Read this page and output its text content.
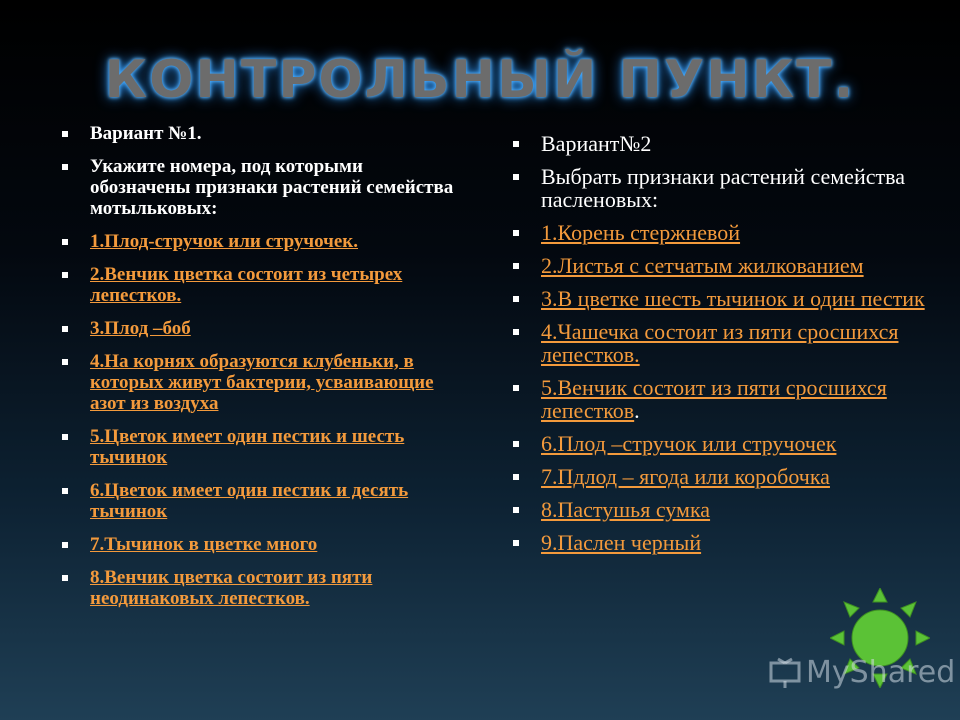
КОНТРОЛЬНЫЙ ПУНКТ.
Вариант №1.
Укажите номера, под которыми обозначены признаки растений семейства мотыльковых:
1.Плод-стручок или стручочек.
2.Венчик цветка состоит из четырех лепестков.
3.Плод –боб
4.На корнях образуются клубеньки, в которых живут бактерии, усваивающие азот из воздуха
5.Цветок имеет один пестик и шесть тычинок
6.Цветок имеет один пестик и десять тычинок
7.Тычинок в цветке много
8.Венчик цветка состоит из пяти неодинаковых лепестков.
Вариант№2
Выбрать признаки растений семейства пасленовых:
1.Корень стержневой
2.Листья с сетчатым жилкованием
3.В цветке шесть тычинок и один пестик
4.Чашечка состоит из пяти сросшихся лепестков.
5.Венчик состоит из пяти сросшихся лепестков.
6.Плод –стручок или стручочек
7.Пдлод – ягода или коробочка
8.Пастушья сумка
9.Паслен черный
MyShared
